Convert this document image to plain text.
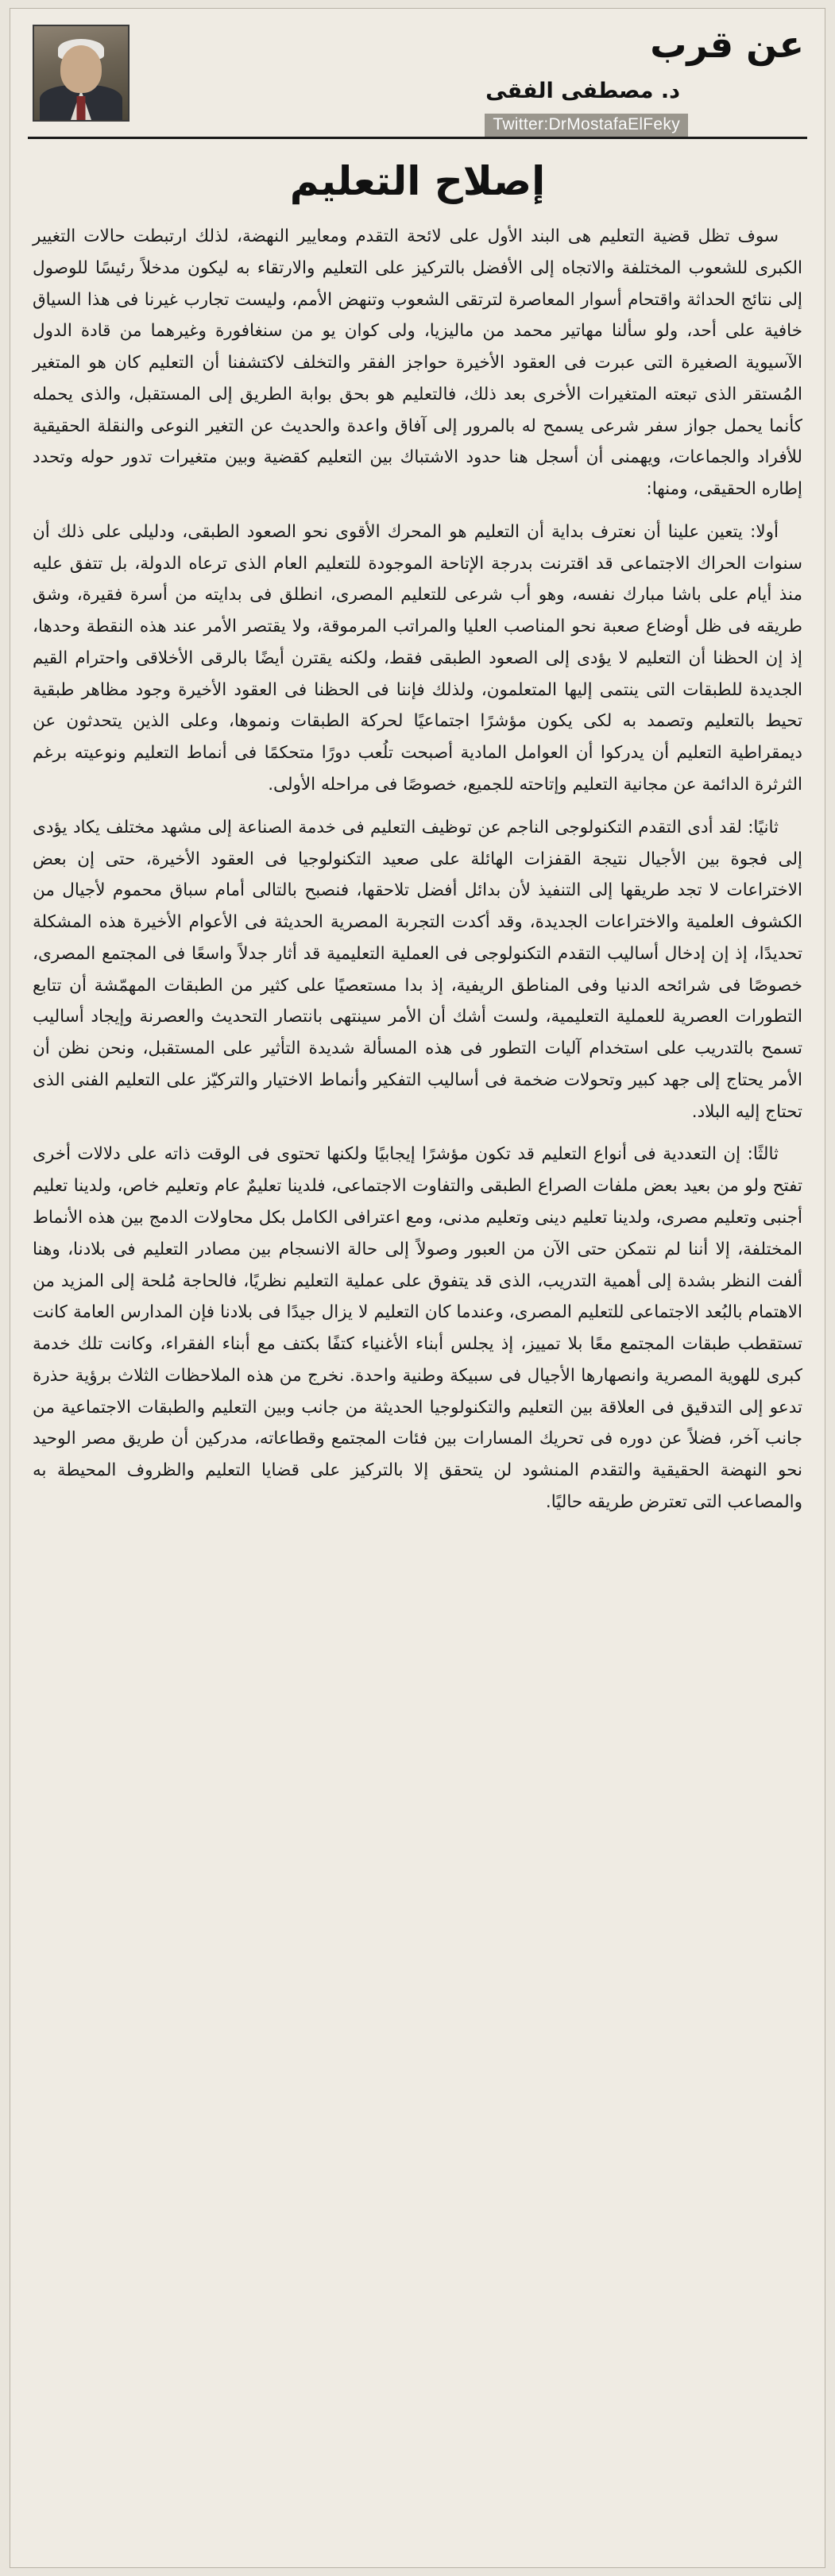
عن قرب
د. مصطفى الفقى
Twitter:DrMostafaElFeky
إصلاح التعليم

سوف تظل قضية التعليم هى البند الأول على لائحة التقدم ومعايير النهضة، لذلك ارتبطت حالات التغيير الكبرى للشعوب المختلفة والاتجاه إلى الأفضل بالتركيز على التعليم والارتقاء به ليكون مدخلاً رئيسًا للوصول إلى نتائج الحداثة واقتحام أسوار المعاصرة لترتقى الشعوب وتنهض الأمم، وليست تجارب غيرنا فى هذا السياق خافية على أحد، ولو سألنا مهاتير محمد من ماليزيا، ولى كوان يو من سنغافورة وغيرهما من قادة الدول الآسيوية الصغيرة التى عبرت فى العقود الأخيرة حواجز الفقر والتخلف لاكتشفنا أن التعليم كان هو المتغير المُستقر الذى تبعته المتغيرات الأخرى بعد ذلك، فالتعليم هو بحق بوابة الطريق إلى المستقبل، والذى يحمله كأنما يحمل جواز سفر شرعى يسمح له بالمرور إلى آفاق واعدة والحديث عن التغير النوعى والنقلة الحقيقية للأفراد والجماعات، ويهمنى أن أسجل هنا حدود الاشتباك بين التعليم كقضية وبين متغيرات تدور حوله وتحدد إطاره الحقيقى، ومنها:

أولا: يتعين علينا أن نعترف بداية أن التعليم هو المحرك الأقوى نحو الصعود الطبقى، ودليلى على ذلك أن سنوات الحراك الاجتماعى قد اقترنت بدرجة الإتاحة الموجودة للتعليم العام الذى ترعاه الدولة، بل تتفق عليه منذ أيام على باشا مبارك نفسه، وهو أب شرعى للتعليم المصرى، انطلق فى بدايته من أسرة فقيرة، وشق طريقه فى ظل أوضاع صعبة نحو المناصب العليا والمراتب المرموقة، ولا يقتصر الأمر عند هذه النقطة وحدها، إذ إن الحظنا أن التعليم لا يؤدى إلى الصعود الطبقى فقط، ولكنه يقترن أيضًا بالرقى الأخلاقى واحترام القيم الجديدة للطبقات التى ينتمى إليها المتعلمون، ولذلك فإننا فى الحظنا فى العقود الأخيرة وجود مظاهر طبقية تحيط بالتعليم وتصمد به لكى يكون مؤشرًا اجتماعيًا لحركة الطبقات ونموها، وعلى الذين يتحدثون عن ديمقراطية التعليم أن يدركوا أن العوامل المادية أصبحت تلُعب دورًا متحكمًا فى أنماط التعليم ونوعيته برغم الثرثرة الدائمة عن مجانية التعليم وإتاحته للجميع، خصوصًا فى مراحله الأولى.

ثانيًا: لقد أدى التقدم التكنولوجى الناجم عن توظيف التعليم فى خدمة الصناعة إلى مشهد مختلف يكاد يؤدى إلى فجوة بين الأجيال نتيجة القفزات الهائلة على صعيد التكنولوجيا فى العقود الأخيرة، حتى إن بعض الاختراعات لا تجد طريقها إلى التنفيذ لأن بدائل أفضل تلاحقها، فنصبح بالتالى أمام سباق محموم لأجيال من الكشوف العلمية والاختراعات الجديدة، وقد أكدت التجربة المصرية الحديثة فى الأعوام الأخيرة هذه المشكلة تحديدًا، إذ إن إدخال أساليب التقدم التكنولوجى فى العملية التعليمية قد أثار جدلاً واسعًا فى المجتمع المصرى، خصوصًا فى شرائحه الدنيا وفى المناطق الريفية، إذ بدا مستعصيًا على كثير من الطبقات المهمّشة أن تتابع التطورات العصرية للعملية التعليمية، ولست أشك أن الأمر سينتهى بانتصار التحديث والعصرنة وإيجاد أساليب تسمح بالتدريب على استخدام آليات التطور فى هذه المسألة شديدة التأثير على المستقبل، ونحن نظن أن الأمر يحتاج إلى جهد كبير وتحولات ضخمة فى أساليب التفكير وأنماط الاختيار والتركيّز على التعليم الفنى الذى تحتاج إليه البلاد.

ثالثًا: إن التعددية فى أنواع التعليم قد تكون مؤشرًا إيجابيًا ولكنها تحتوى فى الوقت ذاته على دلالات أخرى تفتح ولو من بعيد بعض ملفات الصراع الطبقى والتفاوت الاجتماعى، فلدينا تعليمٌ عام وتعليم خاص، ولدينا تعليم أجنبى وتعليم مصرى، ولدينا تعليم دينى وتعليم مدنى، ومع اعترافى الكامل بكل محاولات الدمج بين هذه الأنماط المختلفة، إلا أننا لم نتمكن حتى الآن من العبور وصولاً إلى حالة الانسجام بين مصادر التعليم فى بلادنا، وهنا ألفت النظر بشدة إلى أهمية التدريب، الذى قد يتفوق على عملية التعليم نظريًا، فالحاجة مُلحة إلى المزيد من الاهتمام بالبُعد الاجتماعى للتعليم المصرى، وعندما كان التعليم لا يزال جيدًا فى بلادنا فإن المدارس العامة كانت تستقطب طبقات المجتمع معًا بلا تمييز، إذ يجلس أبناء الأغنياء كتفًا بكتف مع أبناء الفقراء، وكانت تلك خدمة كبرى للهوية المصرية وانصهارها الأجيال فى سبيكة وطنية واحدة. نخرج من هذه الملاحظات الثلاث برؤية حذرة تدعو إلى التدقيق فى العلاقة بين التعليم والتكنولوجيا الحديثة من جانب وبين التعليم والطبقات الاجتماعية من جانب آخر، فضلاً عن دوره فى تحريك المسارات بين فئات المجتمع وقطاعاته، مدركين أن طريق مصر الوحيد نحو النهضة الحقيقية والتقدم المنشود لن يتحقق إلا بالتركيز على قضايا التعليم والظروف المحيطة به والمصاعب التى تعترض طريقه حاليًا.
